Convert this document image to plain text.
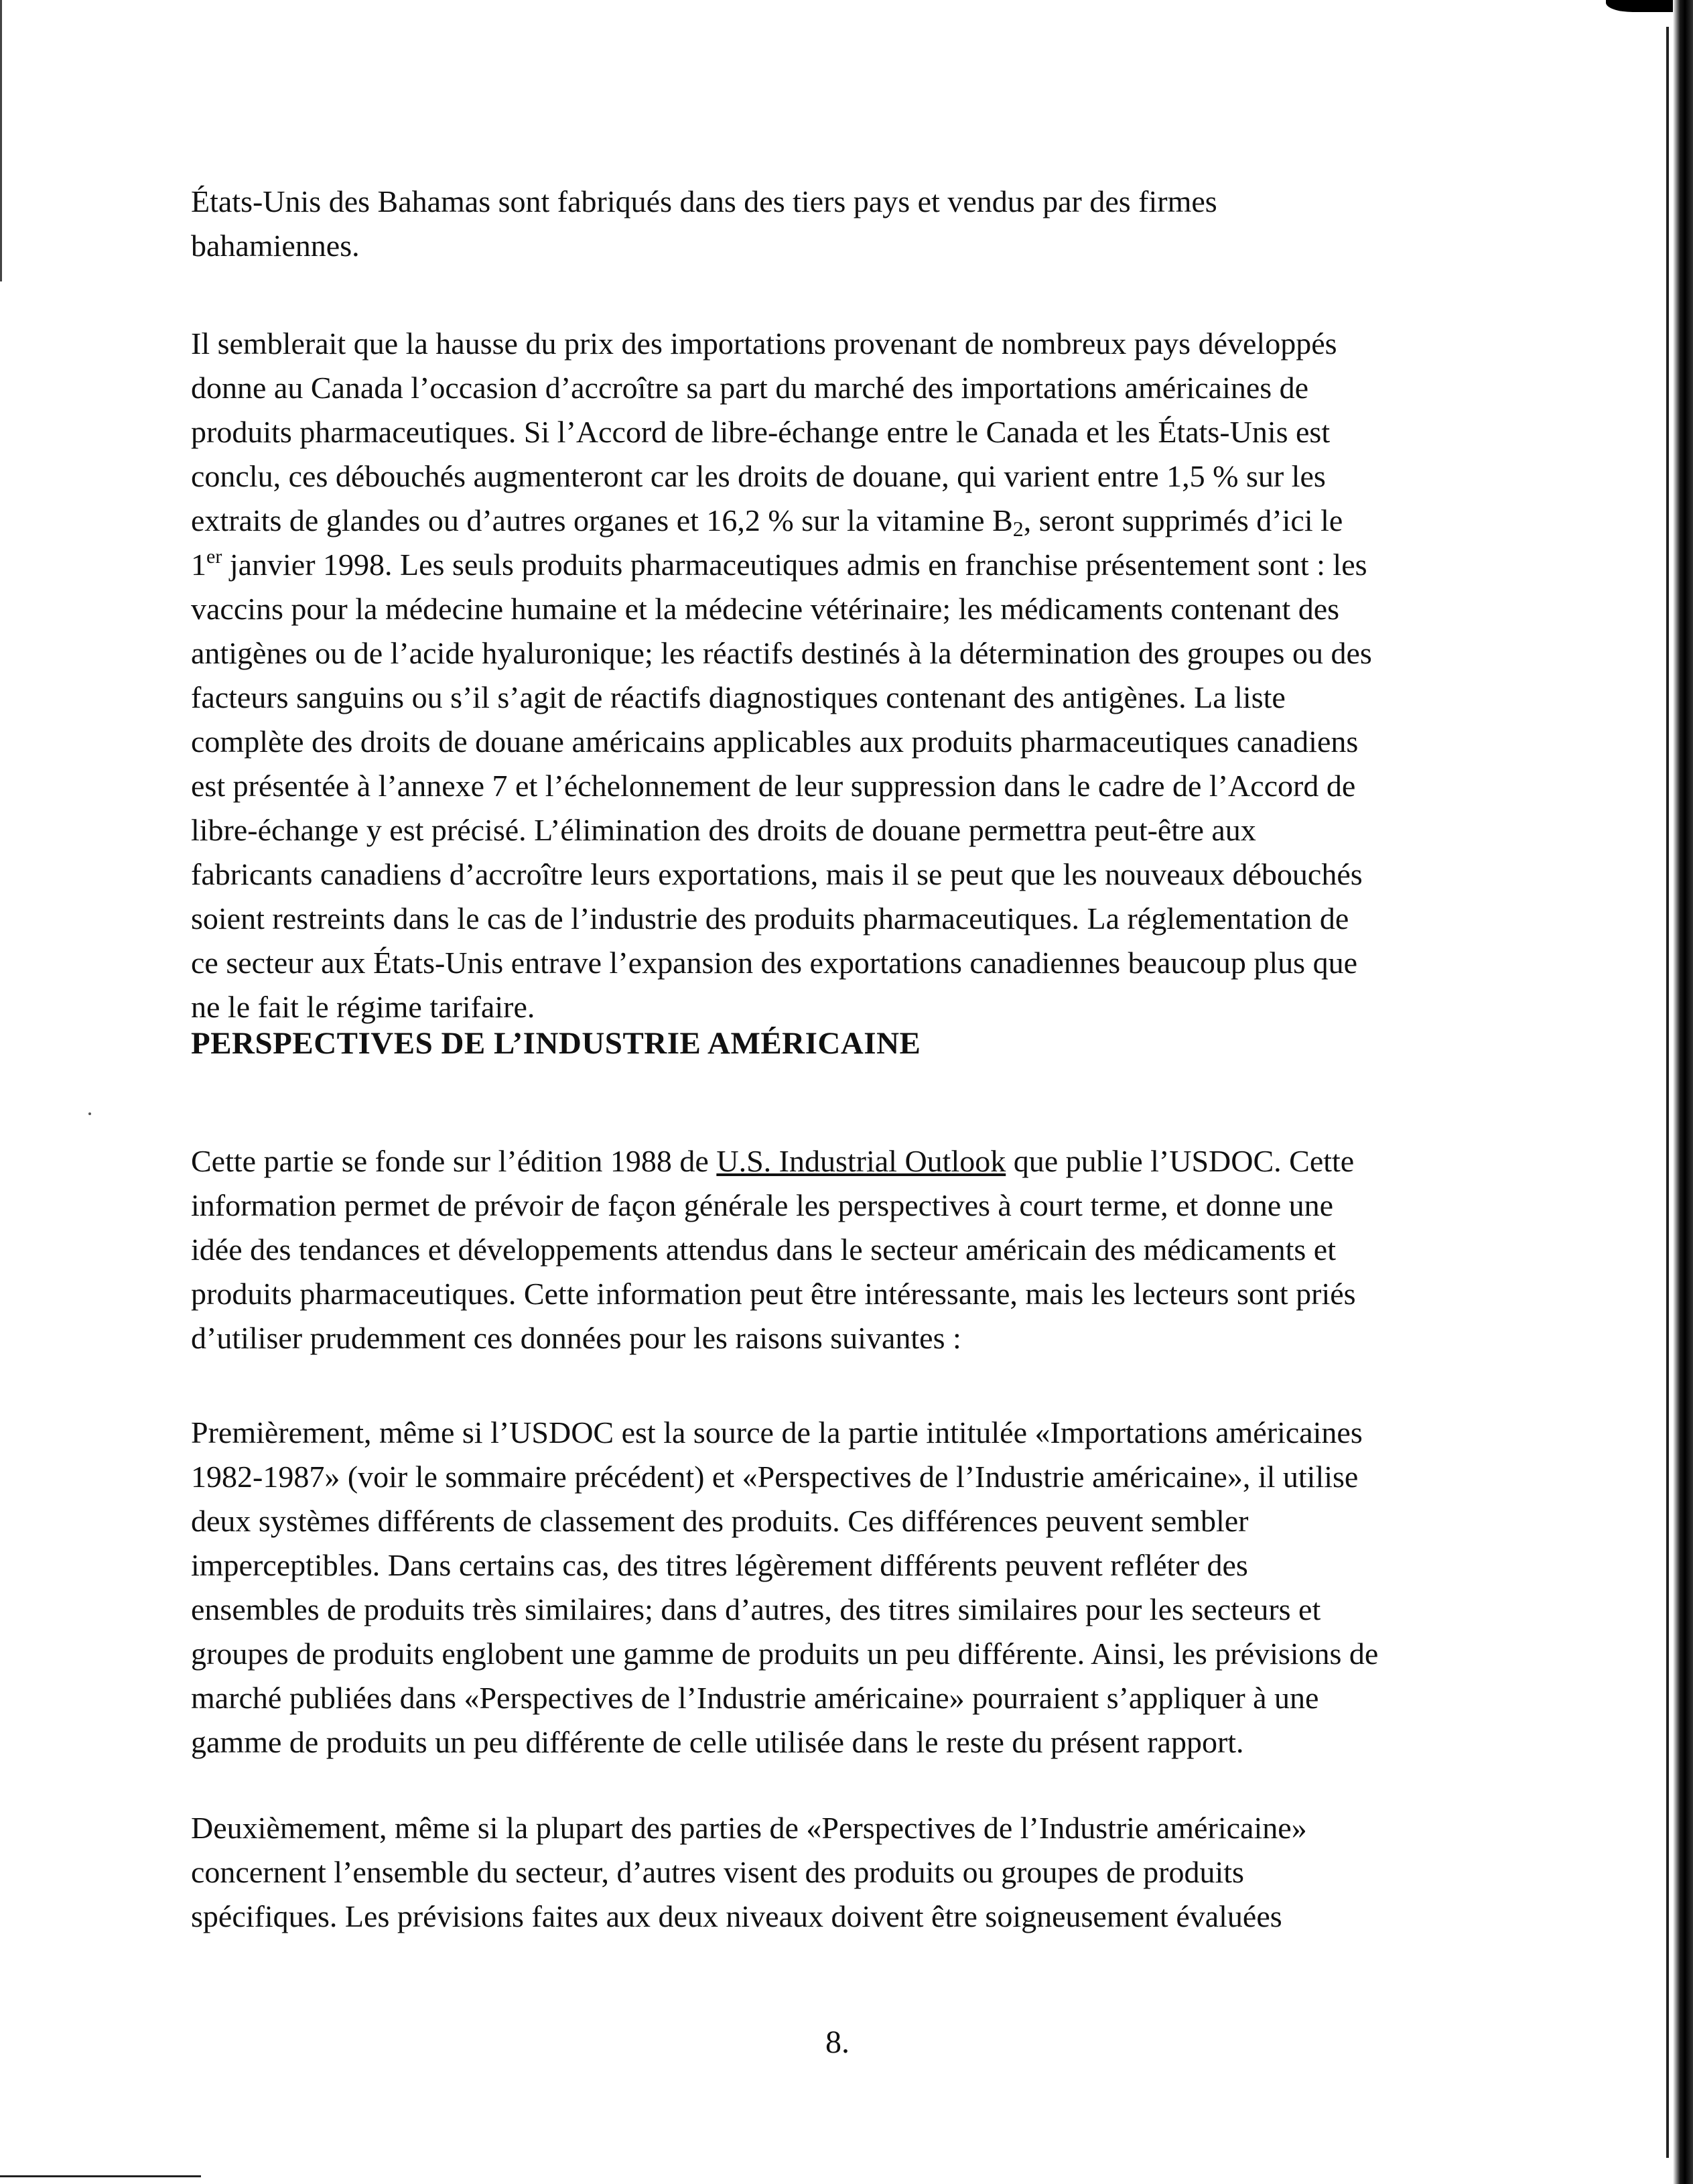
États-Unis des Bahamas sont fabriqués dans des tiers pays et vendus par des firmes
bahamiennes.

Il semblerait que la hausse du prix des importations provenant de nombreux pays développés
donne au Canada l’occasion d’accroître sa part du marché des importations américaines de
produits pharmaceutiques. Si l’Accord de libre-échange entre le Canada et les États-Unis est
conclu, ces débouchés augmenteront car les droits de douane, qui varient entre 1,5 % sur les
extraits de glandes ou d’autres organes et 16,2 % sur la vitamine $B_2$, seront supprimés d’ici le
1er janvier 1998. Les seuls produits pharmaceutiques admis en franchise présentement sont : les
vaccins pour la médecine humaine et la médecine vétérinaire; les médicaments contenant des
antigènes ou de l’acide hyaluronique; les réactifs destinés à la détermination des groupes ou des
facteurs sanguins ou s’il s’agit de réactifs diagnostiques contenant des antigènes. La liste
complète des droits de douane américains applicables aux produits pharmaceutiques canadiens
est présentée à l’annexe 7 et l’échelonnement de leur suppression dans le cadre de l’Accord de
libre-échange y est précisé. L’élimination des droits de douane permettra peut-être aux
fabricants canadiens d’accroître leurs exportations, mais il se peut que les nouveaux débouchés
soient restreints dans le cas de l’industrie des produits pharmaceutiques. La réglementation de
ce secteur aux États-Unis entrave l’expansion des exportations canadiennes beaucoup plus que
ne le fait le régime tarifaire.

PERSPECTIVES DE L’INDUSTRIE AMÉRICAINE

Cette partie se fonde sur l’édition 1988 de U.S. Industrial Outlook que publie l’USDOC. Cette
information permet de prévoir de façon générale les perspectives à court terme, et donne une
idée des tendances et développements attendus dans le secteur américain des médicaments et
produits pharmaceutiques. Cette information peut être intéressante, mais les lecteurs sont priés
d’utiliser prudemment ces données pour les raisons suivantes :

Premièrement, même si l’USDOC est la source de la partie intitulée «Importations américaines
1982-1987» (voir le sommaire précédent) et «Perspectives de l’Industrie américaine», il utilise
deux systèmes différents de classement des produits. Ces différences peuvent sembler
imperceptibles. Dans certains cas, des titres légèrement différents peuvent refléter des
ensembles de produits très similaires; dans d’autres, des titres similaires pour les secteurs et
groupes de produits englobent une gamme de produits un peu différente. Ainsi, les prévisions de
marché publiées dans «Perspectives de l’Industrie américaine» pourraient s’appliquer à une
gamme de produits un peu différente de celle utilisée dans le reste du présent rapport.

Deuxièmement, même si la plupart des parties de «Perspectives de l’Industrie américaine»
concernent l’ensemble du secteur, d’autres visent des produits ou groupes de produits
spécifiques. Les prévisions faites aux deux niveaux doivent être soigneusement évaluées

8.
